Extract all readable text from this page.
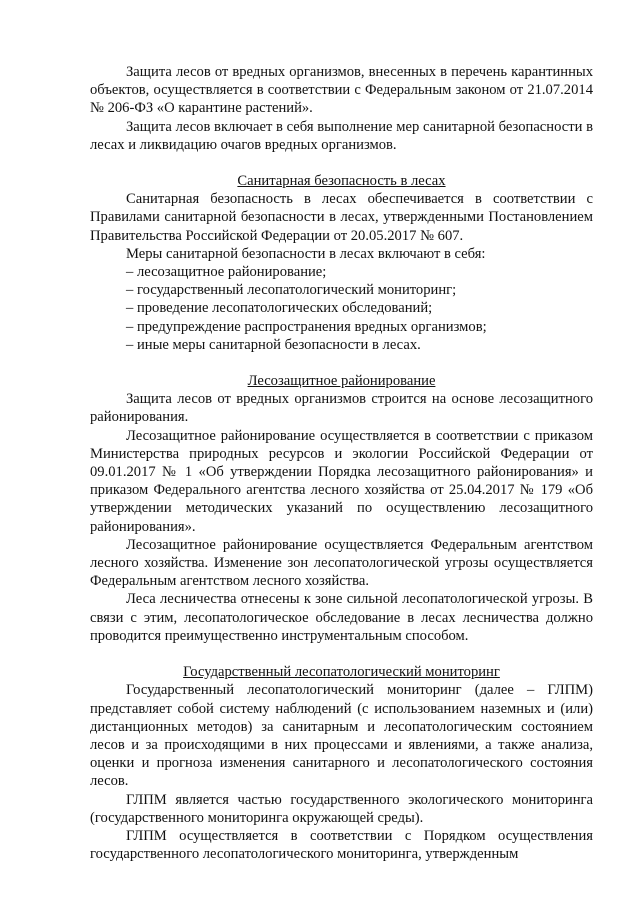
Защита лесов от вредных организмов, внесенных в перечень карантинных объектов, осуществляется в соответствии с Федеральным законом от 21.07.2014 № 206-ФЗ «О карантине растений».

Защита лесов включает в себя выполнение мер санитарной безопасности в лесах и ликвидацию очагов вредных организмов.

Санитарная безопасность в лесах

Санитарная безопасность в лесах обеспечивается в соответствии с Правилами санитарной безопасности в лесах, утвержденными Постановлением Правительства Российской Федерации от 20.05.2017 № 607.

Меры санитарной безопасности в лесах включают в себя:

– лесозащитное районирование;

– государственный лесопатологический мониторинг;

– проведение лесопатологических обследований;

– предупреждение распространения вредных организмов;

– иные меры санитарной безопасности в лесах.

Лесозащитное районирование

Защита лесов от вредных организмов строится на основе лесозащитного районирования.

Лесозащитное районирование осуществляется в соответствии с приказом Министерства природных ресурсов и экологии Российской Федерации от 09.01.2017 № 1 «Об утверждении Порядка лесозащитного районирования» и приказом Федерального агентства лесного хозяйства от 25.04.2017 № 179 «Об утверждении методических указаний по осуществлению лесозащитного районирования».

Лесозащитное районирование осуществляется Федеральным агентством лесного хозяйства. Изменение зон лесопатологической угрозы осуществляется Федеральным агентством лесного хозяйства.

Леса лесничества отнесены к зоне сильной лесопатологической угрозы. В связи с этим, лесопатологическое обследование в лесах лесничества должно проводится преимущественно инструментальным способом.

Государственный лесопатологический мониторинг

Государственный лесопатологический мониторинг (далее – ГЛПМ) представляет собой систему наблюдений (с использованием наземных и (или) дистанционных методов) за санитарным и лесопатологическим состоянием лесов и за происходящими в них процессами и явлениями, а также анализа, оценки и прогноза изменения санитарного и лесопатологического состояния лесов.

ГЛПМ является частью государственного экологического мониторинга (государственного мониторинга окружающей среды).

ГЛПМ осуществляется в соответствии с Порядком осуществления государственного лесопатологического мониторинга, утвержденным
